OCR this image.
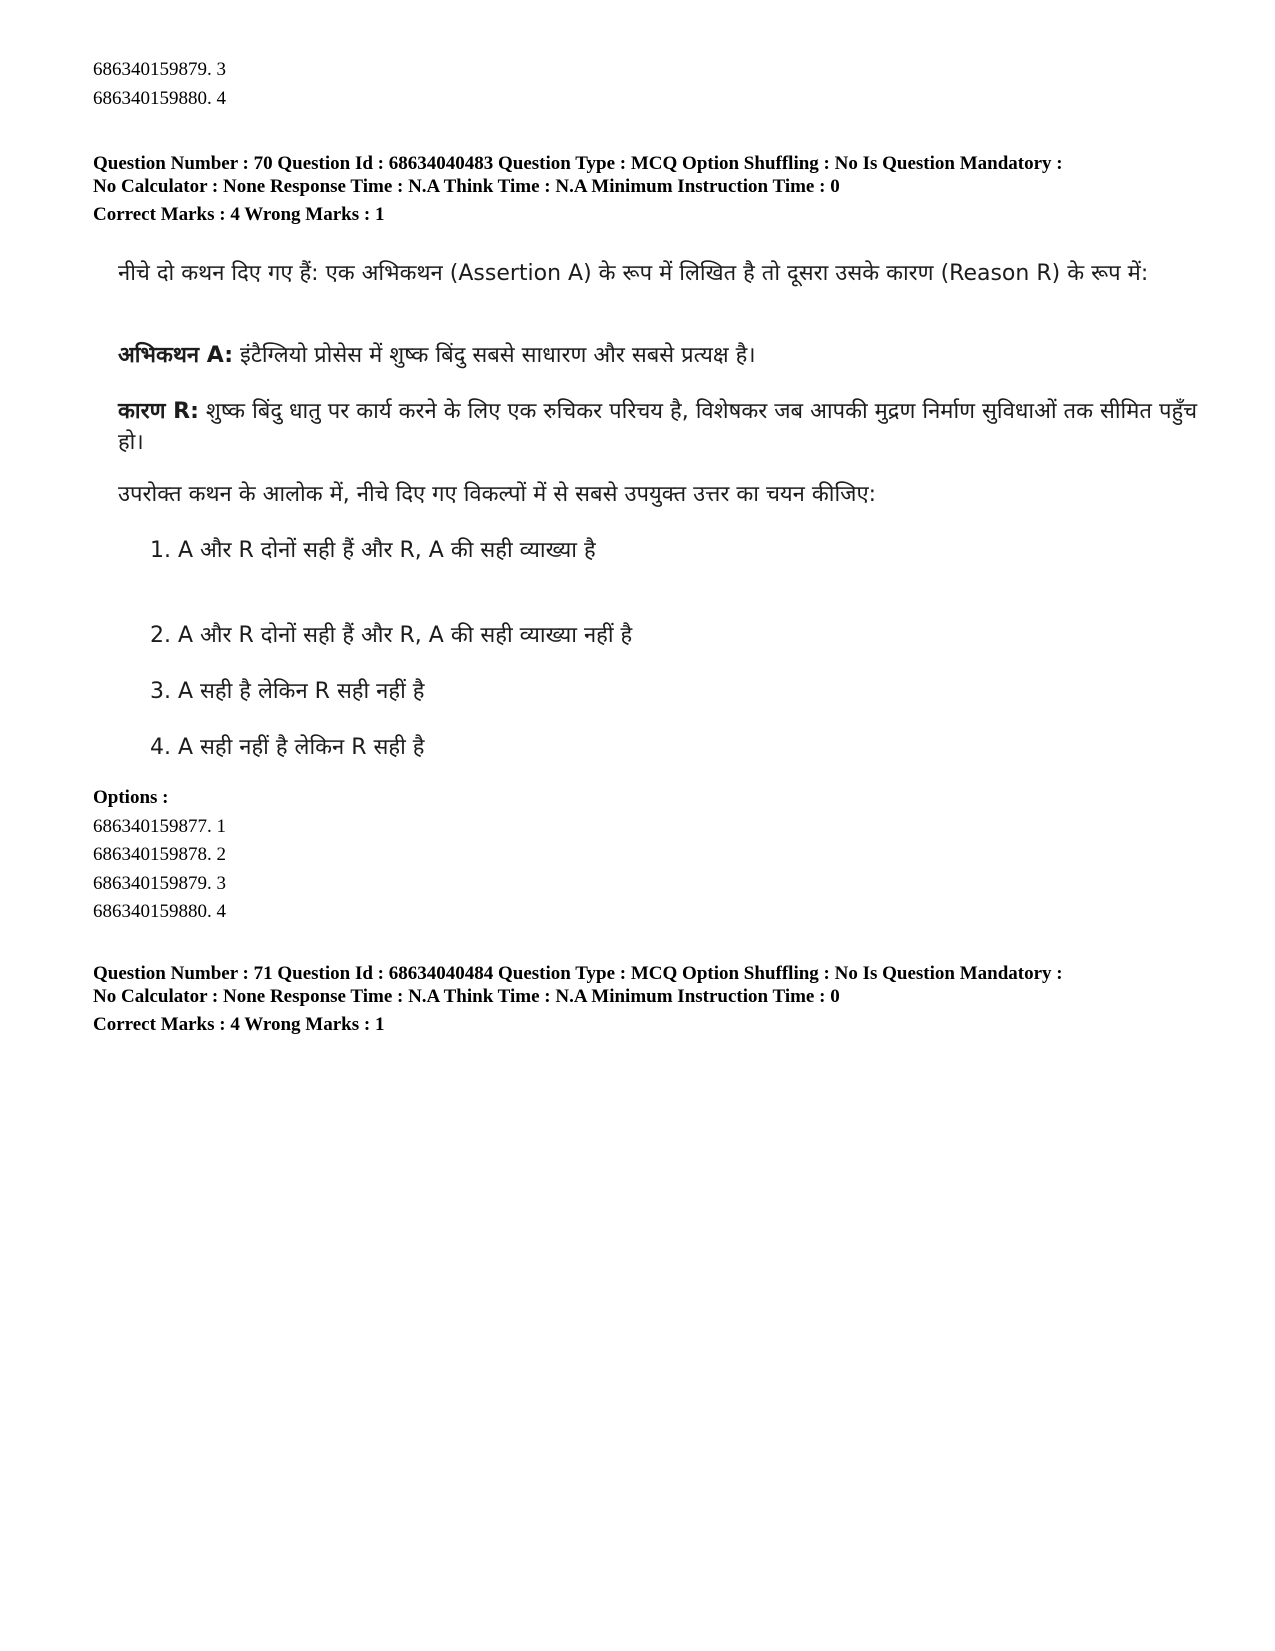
686340159879. 3
686340159880. 4
Question Number : 70 Question Id : 68634040483 Question Type : MCQ Option Shuffling : No Is Question Mandatory :
No Calculator : None Response Time : N.A Think Time : N.A Minimum Instruction Time : 0
Correct Marks : 4 Wrong Marks : 1
नीचे दो कथन दिए गए हैं: एक अभिकथन (Assertion A) के रूप में लिखित है तो दूसरा उसके कारण (Reason R) के रूप में:
अभिकथन A: इंटैग्लियो प्रोसेस में शुष्क बिंदु सबसे साधारण और सबसे प्रत्यक्ष है।
कारण R: शुष्क बिंदु धातु पर कार्य करने के लिए एक रुचिकर परिचय है, विशेषकर जब आपकी मुद्रण निर्माण सुविधाओं तक सीमित पहुँच हो।
उपरोक्त कथन के आलोक में, नीचे दिए गए विकल्पों में से सबसे उपयुक्त उत्तर का चयन कीजिए:
1. A और R दोनों सही हैं और R, A की सही व्याख्या है
2. A और R दोनों सही हैं और R, A की सही व्याख्या नहीं है
3. A सही है लेकिन R सही नहीं है
4. A सही नहीं है लेकिन R सही है
Options :
686340159877. 1
686340159878. 2
686340159879. 3
686340159880. 4
Question Number : 71 Question Id : 68634040484 Question Type : MCQ Option Shuffling : No Is Question Mandatory :
No Calculator : None Response Time : N.A Think Time : N.A Minimum Instruction Time : 0
Correct Marks : 4 Wrong Marks : 1
